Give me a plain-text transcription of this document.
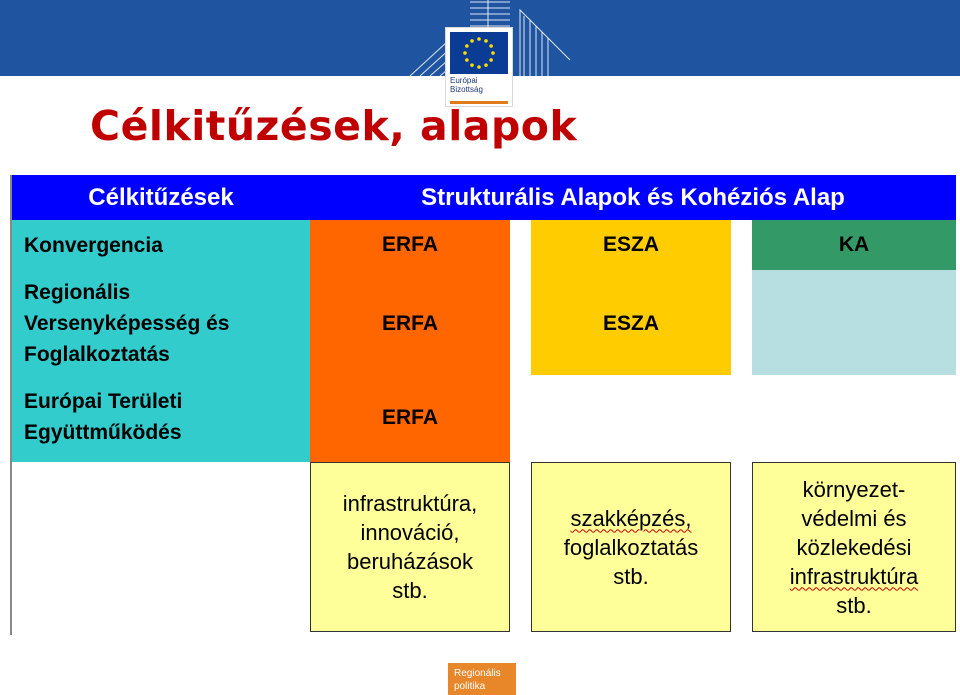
Európai
Bizottság
Célkitűzések, alapok
Célkitűzések	Strukturális Alapok és Kohéziós Alap
Konvergencia
Regionális
Versenyképesség és
Foglalkoztatás
Európai Területi
Együttműködés
ERFA
ERFA
ERFA
ESZA
ESZA
KA
infrastruktúra,
innováció,
beruházások
stb.
szakképzés,
foglalkoztatás
stb.
környezet-
védelmi és
közlekedési
infrastruktúra
stb.
Regionális
politika
